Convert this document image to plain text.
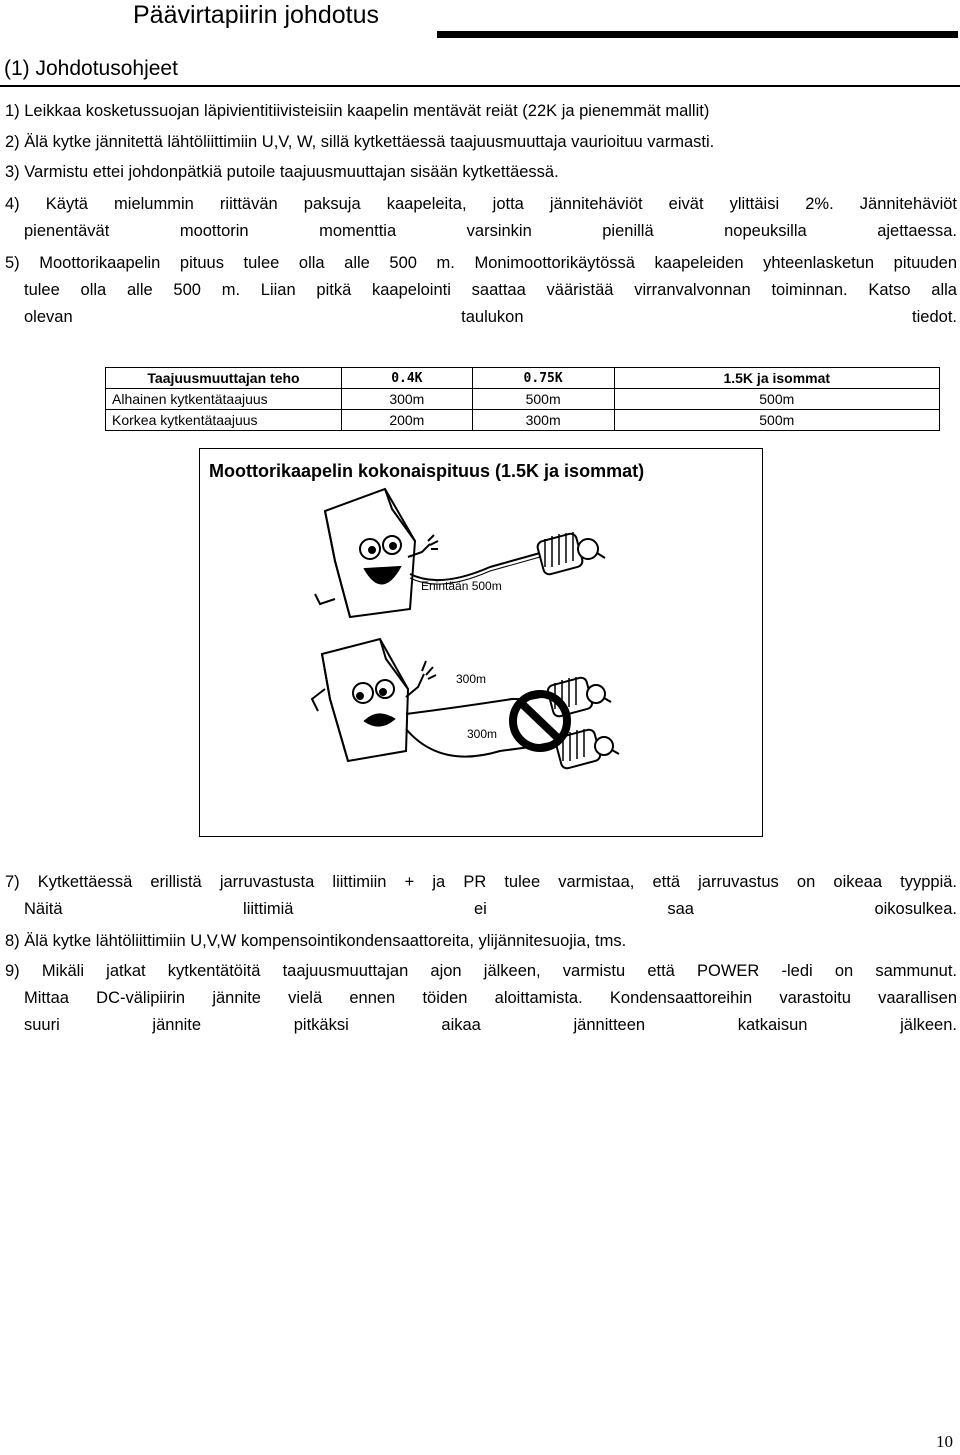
Päävirtapiirin johdotus
(1) Johdotusohjeet
1) Leikkaa kosketussuojan läpivientitiivisteisiin kaapelin mentävät reiät (22K ja pienemmät mallit)
2) Älä kytke jännitettä lähtöliittimiin U,V, W, sillä kytkettäessä taajuusmuuttaja vaurioituu varmasti.
3) Varmistu ettei johdonpätkiä putoile taajuusmuuttajan sisään kytkettäessä.
4) Käytä mielummin riittävän paksuja kaapeleita, jotta jännitehäviöt eivät ylittäisi 2%. Jännitehäviöt
pienentävät moottorin momenttia varsinkin pienillä nopeuksilla ajettaessa.
5) Moottorikaapelin pituus tulee olla alle 500 m. Monimoottorikäytössä kaapeleiden yhteenlasketun pituuden
tulee olla alle 500 m. Liian pitkä kaapelointi saattaa vääristää virranvalvonnan toiminnan. Katso alla
olevan taulukon tiedot.
Taajuusmuuttajan teho	0.4K	0.75K	1.5K ja isommat
Alhainen kytkentätaajuus	300m	500m	500m
Korkea kytkentätaajuus	200m	300m	500m
Moottorikaapelin kokonaispituus (1.5K ja isommat)
Enintään 500m
300m
300m
7) Kytkettäessä erillistä jarruvastusta liittimiin + ja PR tulee varmistaa, että jarruvastus on oikeaa tyyppiä.
Näitä liittimiä ei saa oikosulkea.
8) Älä kytke lähtöliittimiin U,V,W kompensointikondensaattoreita, ylijännitesuojia, tms.
9) Mikäli jatkat kytkentätöitä taajuusmuuttajan ajon jälkeen, varmistu että POWER -ledi on sammunut.
Mittaa DC-välipiirin jännite vielä ennen töiden aloittamista. Kondensaattoreihin varastoitu vaarallisen
suuri jännite pitkäksi aikaa jännitteen katkaisun jälkeen.
10
